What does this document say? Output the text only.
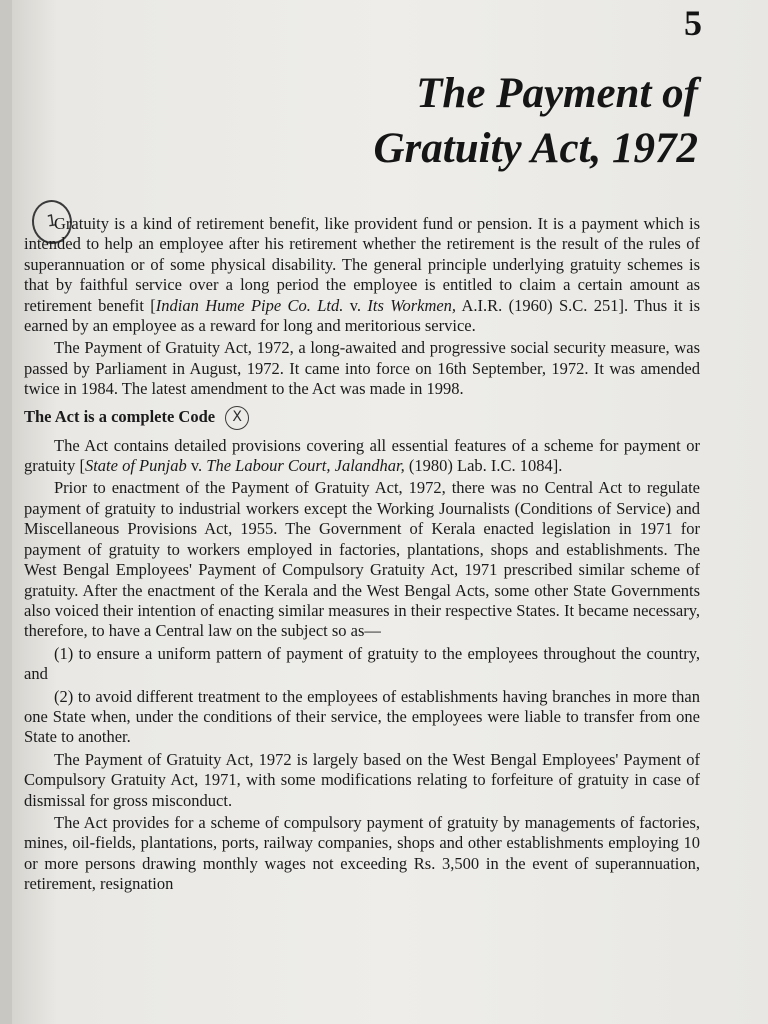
5
The Payment of
Gratuity Act, 1972
1

Gratuity is a kind of retirement benefit, like provident fund or pension. It is a payment which is intended to help an employee after his retirement whether the retirement is the result of the rules of superannuation or of some physical disability. The general principle underlying gratuity schemes is that by faithful service over a long period the employee is entitled to claim a certain amount as retirement benefit [Indian Hume Pipe Co. Ltd. v. Its Workmen, A.I.R. (1960) S.C. 251]. Thus it is earned by an employee as a reward for long and meritorious service.

The Payment of Gratuity Act, 1972, a long-awaited and progressive social security measure, was passed by Parliament in August, 1972. It came into force on 16th September, 1972. It was amended twice in 1984. The latest amendment to the Act was made in 1998.

The Act is a complete Code	X

The Act contains detailed provisions covering all essential features of a scheme for payment or gratuity [State of Punjab v. The Labour Court, Jalandhar, (1980) Lab. I.C. 1084].

Prior to enactment of the Payment of Gratuity Act, 1972, there was no Central Act to regulate payment of gratuity to industrial workers except the Working Journalists (Conditions of Service) and Miscellaneous Provisions Act, 1955. The Government of Kerala enacted legislation in 1971 for payment of gratuity to workers employed in factories, plantations, shops and establishments. The West Bengal Employees' Payment of Compulsory Gratuity Act, 1971 prescribed similar scheme of gratuity. After the enactment of the Kerala and the West Bengal Acts, some other State Governments also voiced their intention of enacting similar measures in their respective States. It became necessary, therefore, to have a Central law on the subject so as—

(1) to ensure a uniform pattern of payment of gratuity to the employees throughout the country, and

(2) to avoid different treatment to the employees of establishments having branches in more than one State when, under the conditions of their service, the employees were liable to transfer from one State to another.

The Payment of Gratuity Act, 1972 is largely based on the West Bengal Employees' Payment of Compulsory Gratuity Act, 1971, with some modifications relating to forfeiture of gratuity in case of dismissal for gross misconduct.

The Act provides for a scheme of compulsory payment of gratuity by managements of factories, mines, oil-fields, plantations, ports, railway companies, shops and other establishments employing 10 or more persons drawing monthly wages not exceeding Rs. 3,500 in the event of superannuation, retirement, resignation
